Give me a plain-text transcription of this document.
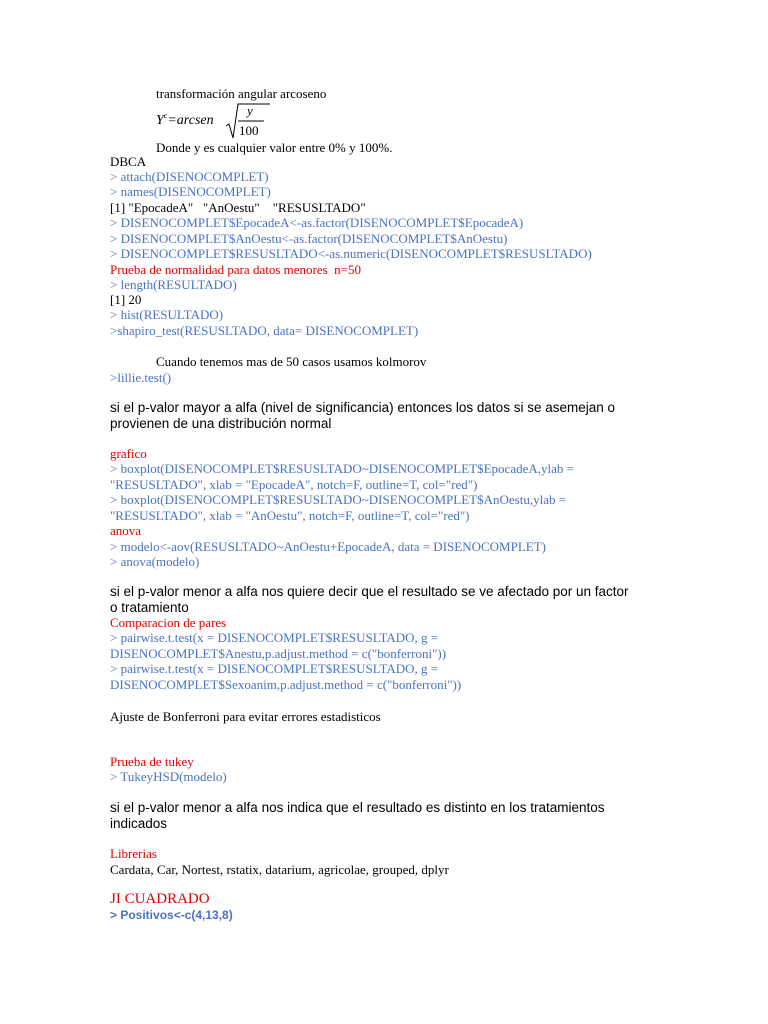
transformación angular arcoseno
$Y^c=arcsen$
y
100
Donde y es cualquier valor entre 0% y 100%.
DBCA
> attach(DISENOCOMPLET)
> names(DISENOCOMPLET)
[1] "EpocadeA"   "AnOestu"    "RESUSLTADO"
> DISENOCOMPLET$EpocadeA<-as.factor(DISENOCOMPLET$EpocadeA)
> DISENOCOMPLET$AnOestu<-as.factor(DISENOCOMPLET$AnOestu)
> DISENOCOMPLET$RESUSLTADO<-as.numeric(DISENOCOMPLET$RESUSLTADO)
Prueba de normalidad para datos menores  n=50
> length(RESULTADO)
[1] 20
> hist(RESULTADO)
>shapiro_test(RESUSLTADO, data= DISENOCOMPLET)
Cuando tenemos mas de 50 casos usamos kolmorov
>lillie.test()
si el p-valor mayor a alfa (nivel de significancia) entonces los datos si se asemejan o
provienen de una distribución normal
grafico
> boxplot(DISENOCOMPLET$RESUSLTADO~DISENOCOMPLET$EpocadeA,ylab =
"RESUSLTADO", xlab = "EpocadeA", notch=F, outline=T, col="red")
> boxplot(DISENOCOMPLET$RESUSLTADO~DISENOCOMPLET$AnOestu,ylab =
"RESUSLTADO", xlab = "AnOestu", notch=F, outline=T, col="red")
anova
> modelo<-aov(RESUSLTADO~AnOestu+EpocadeA, data = DISENOCOMPLET)
> anova(modelo)
si el p-valor menor a alfa nos quiere decir que el resultado se ve afectado por un factor
o tratamiento
Comparacion de pares
> pairwise.t.test(x = DISENOCOMPLET$RESUSLTADO, g =
DISENOCOMPLET$Anestu,p.adjust.method = c("bonferroni"))
> pairwise.t.test(x = DISENOCOMPLET$RESUSLTADO, g =
DISENOCOMPLET$Sexoanim,p.adjust.method = c("bonferroni"))
Ajuste de Bonferroni para evitar errores estadisticos
Prueba de tukey
> TukeyHSD(modelo)
si el p-valor menor a alfa nos indica que el resultado es distinto en los tratamientos
indicados
Librerias
Cardata, Car, Nortest, rstatix, datarium, agricolae, grouped, dplyr
JI CUADRADO
> Positivos<-c(4,13,8)
